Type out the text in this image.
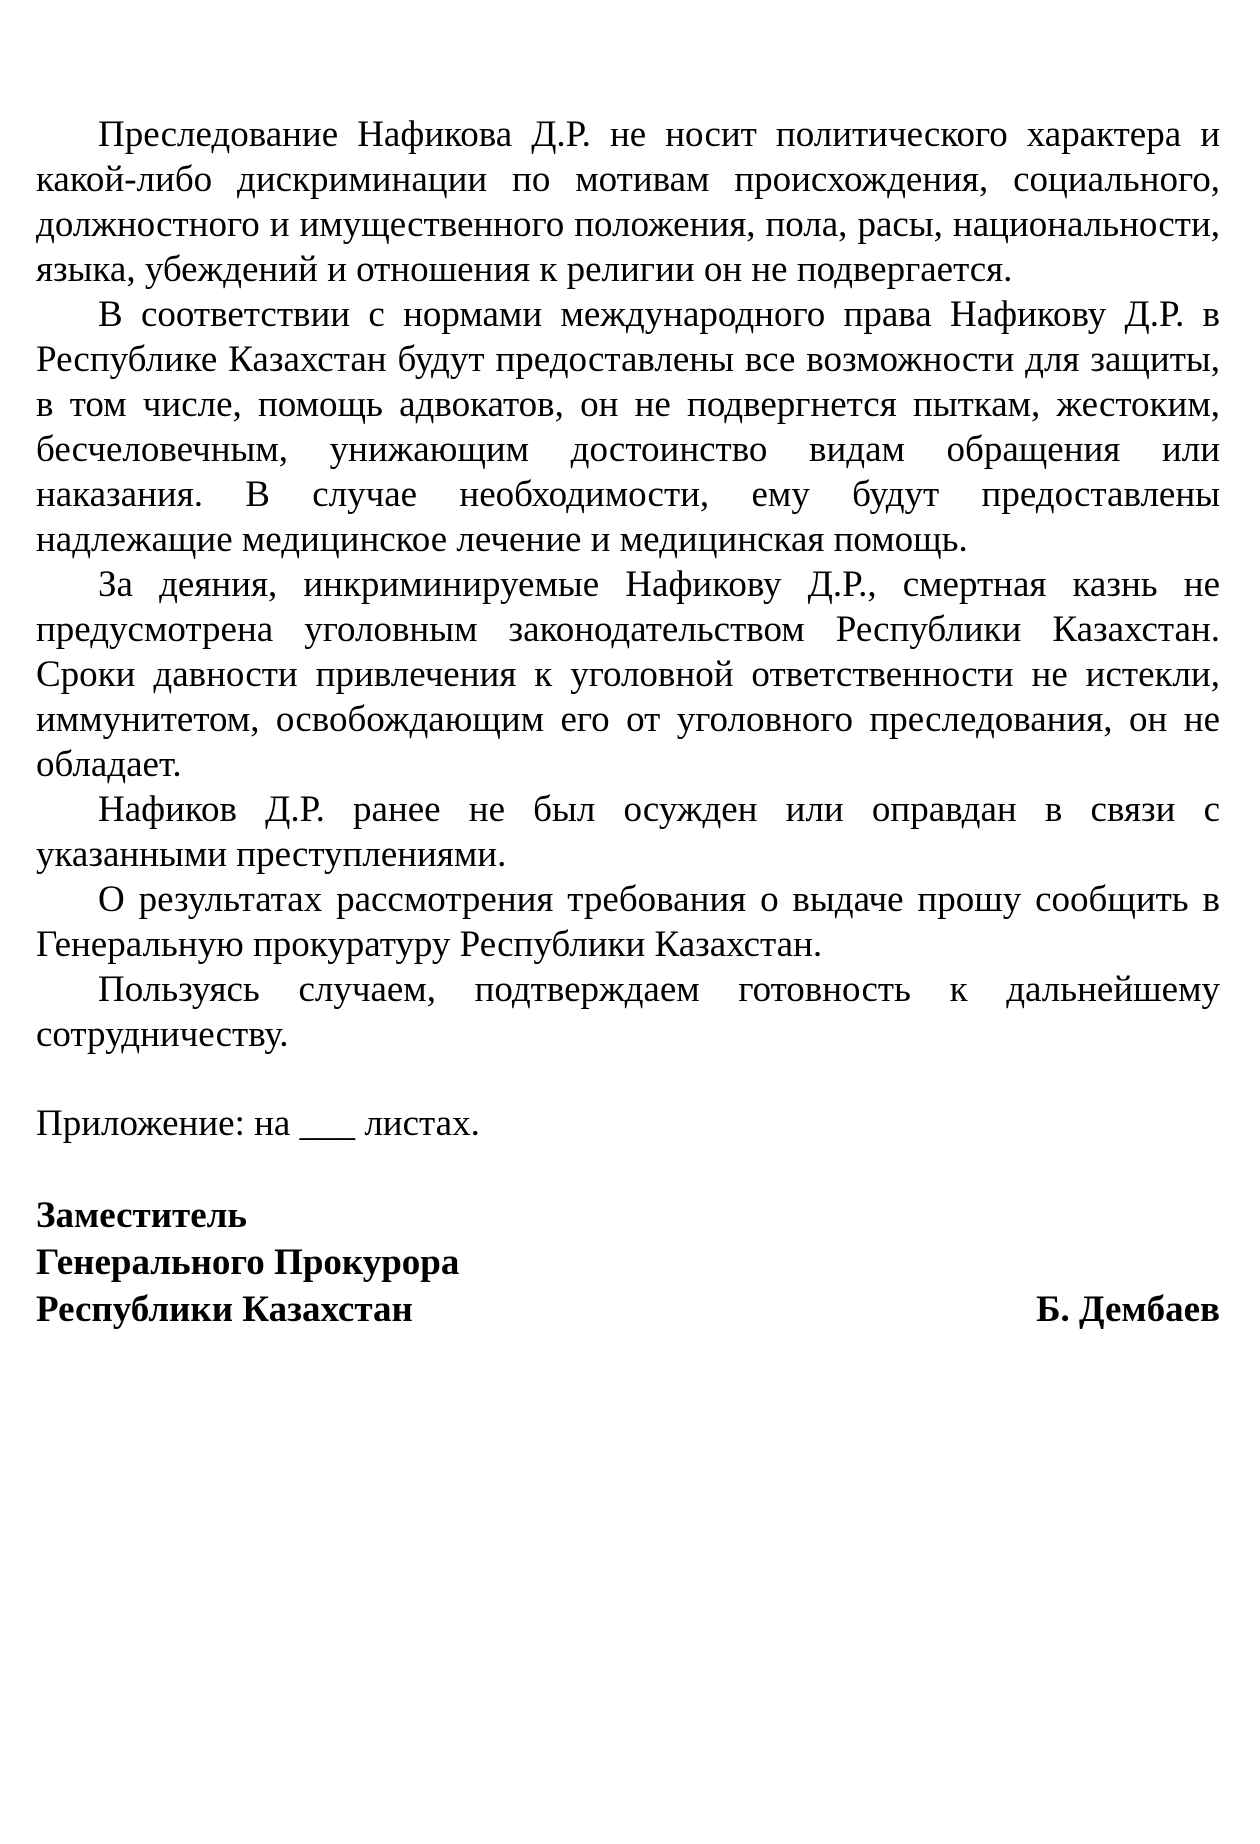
Преследование Нафикова Д.Р. не носит политического характера и какой-либо дискриминации по мотивам происхождения, социального, должностного и имущественного положения, пола, расы, национальности, языка, убеждений и отношения к религии он не подвергается.

В соответствии с нормами международного права Нафикову Д.Р. в Республике Казахстан будут предоставлены все возможности для защиты, в том числе, помощь адвокатов, он не подвергнется пыткам, жестоким, бесчеловечным, унижающим достоинство видам обращения или наказания. В случае необходимости, ему будут предоставлены надлежащие медицинское лечение и медицинская помощь.

За деяния, инкриминируемые Нафикову Д.Р., смертная казнь не предусмотрена уголовным законодательством Республики Казахстан. Сроки давности привлечения к уголовной ответственности не истекли, иммунитетом, освобождающим его от уголовного преследования, он не обладает.

Нафиков Д.Р. ранее не был осужден или оправдан в связи с указанными преступлениями.

О результатах рассмотрения требования о выдаче прошу сообщить в Генеральную прокуратуру Республики Казахстан.

Пользуясь случаем, подтверждаем готовность к дальнейшему сотрудничеству.

Приложение: на ___ листах.

Заместитель

Генерального Прокурора

Республики Казахстан	Б. Дембаев
